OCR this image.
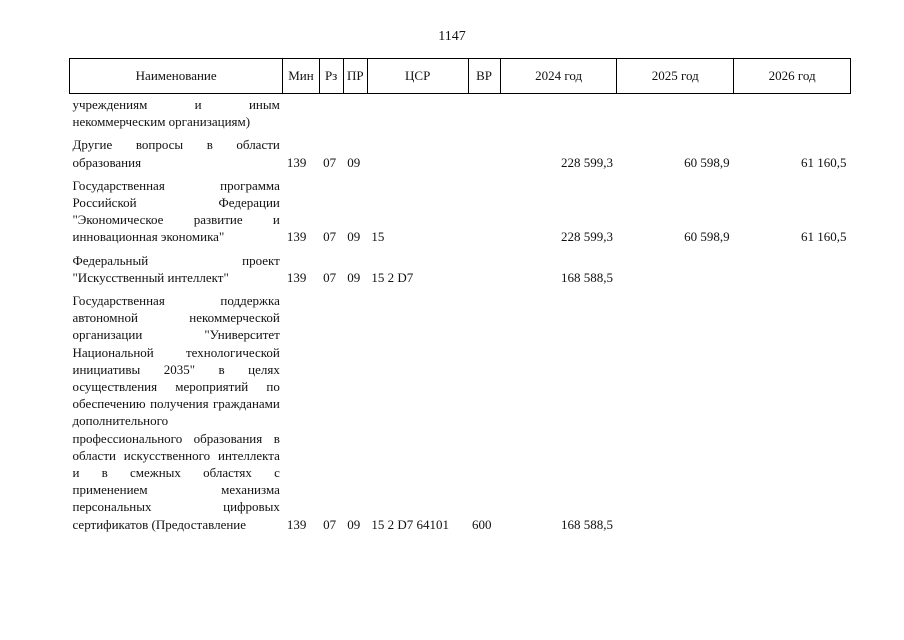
1147
Наименование	Мин	Рз	ПР	ЦСР	ВР	2024 год	2025 год	2026 год
учреждениям и иным некоммерческим организациям)								
Другие вопросы в области образования	139	07	09			228 599,3	60 598,9	61 160,5
Государственная программа Российской Федерации "Экономическое развитие и инновационная экономика"	139	07	09	15		228 599,3	60 598,9	61 160,5
Федеральный проект "Искусственный интеллект"	139	07	09	15 2 D7		168 588,5		
Государственная поддержка автономной некоммерческой организации "Университет Национальной технологической инициативы 2035" в целях осуществления мероприятий по обеспечению получения гражданами дополнительного профессионального образования в области искусственного интеллекта и в смежных областях с применением механизма персональных цифровых сертификатов (Предоставление	139	07	09	15 2 D7 64101	600	168 588,5		
